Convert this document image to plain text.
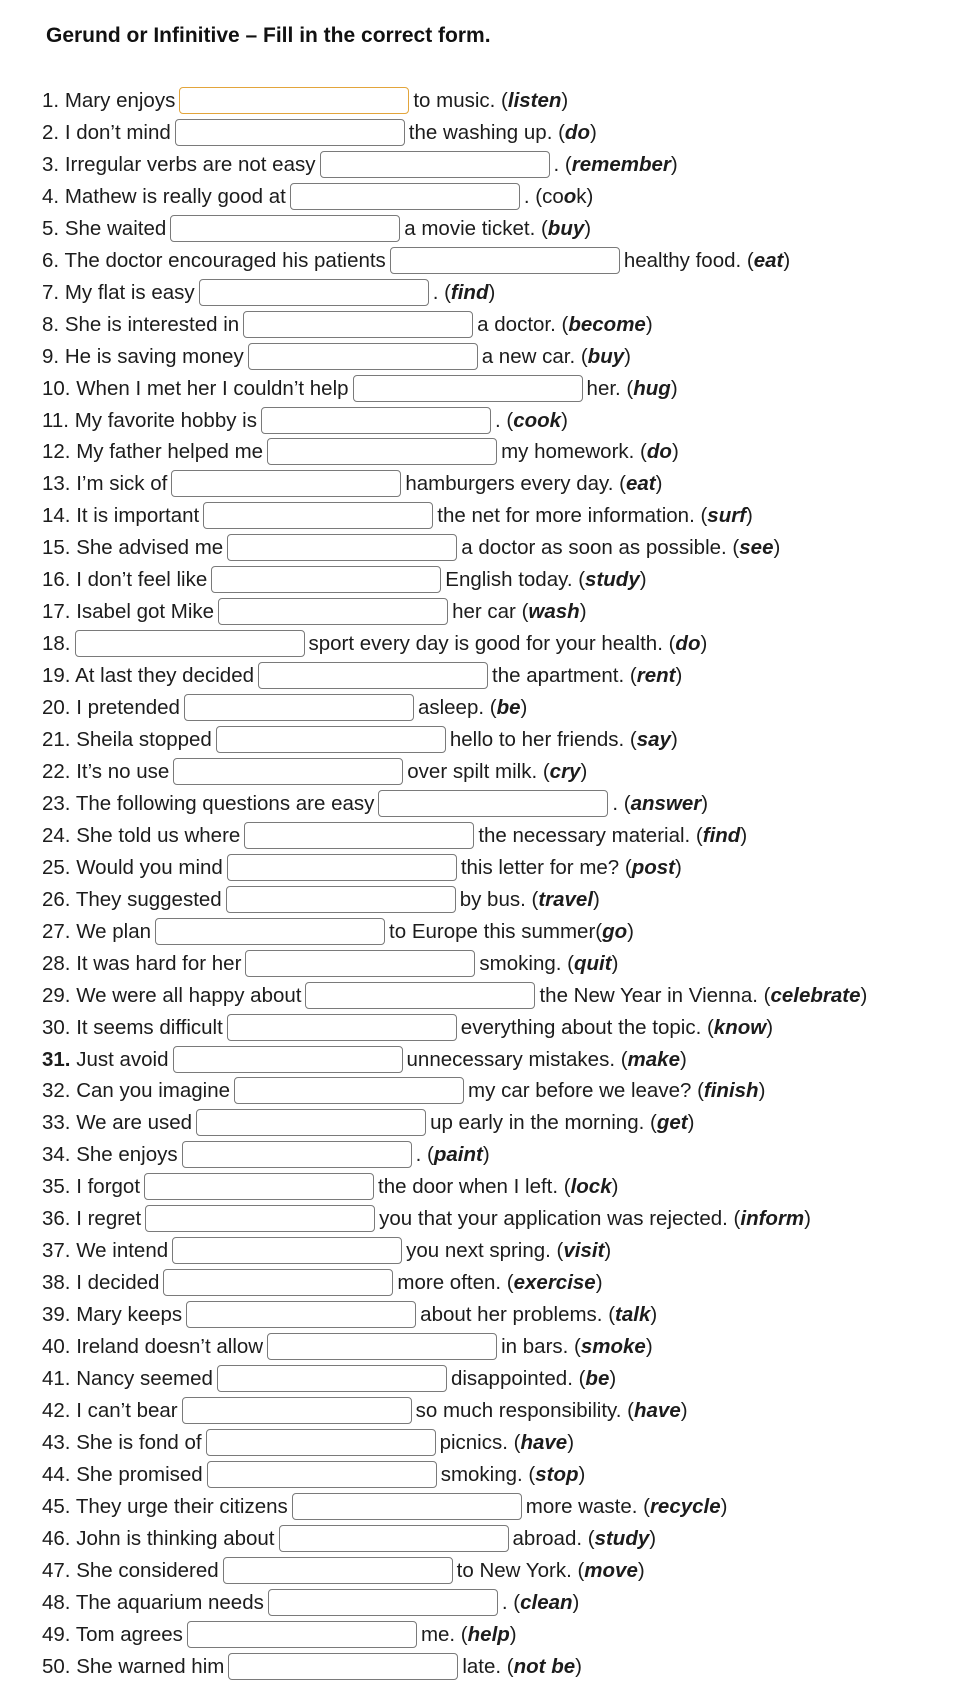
Gerund or Infinitive – Fill in the correct form.
1. Mary enjoys	to music. (listen)
2. I don’t mind	the washing up. (do)
3. Irregular verbs are not easy	. (remember)
4. Mathew is really good at	. (cook)
5. She waited	a movie ticket. (buy)
6. The doctor encouraged his patients	healthy food. (eat)
7. My flat is easy	. (find)
8. She is interested in	a doctor. (become)
9. He is saving money	a new car. (buy)
10. When I met her I couldn’t help	her. (hug)
11. My favorite hobby is	. (cook)
12. My father helped me	my homework. (do)
13. I’m sick of	hamburgers every day. (eat)
14. It is important	the net for more information. (surf)
15. She advised me	a doctor as soon as possible. (see)
16. I don’t feel like	English today. (study)
17. Isabel got Mike	her car (wash)
18.	sport every day is good for your health. (do)
19. At last they decided	the apartment. (rent)
20. I pretended	asleep. (be)
21. Sheila stopped	hello to her friends. (say)
22. It’s no use	over spilt milk. (cry)
23. The following questions are easy	. (answer)
24. She told us where	the necessary material. (find)
25. Would you mind	this letter for me? (post)
26. They suggested	by bus. (travel)
27. We plan	to Europe this summer(go)
28. It was hard for her	smoking. (quit)
29. We were all happy about	the New Year in Vienna. (celebrate)
30. It seems difficult	everything about the topic. (know)
31. Just avoid	unnecessary mistakes. (make)
32. Can you imagine	my car before we leave? (finish)
33. We are used	up early in the morning. (get)
34. She enjoys	. (paint)
35. I forgot	the door when I left. (lock)
36. I regret	you that your application was rejected. (inform)
37. We intend	you next spring. (visit)
38. I decided	more often. (exercise)
39. Mary keeps	about her problems. (talk)
40. Ireland doesn’t allow	in bars. (smoke)
41. Nancy seemed	disappointed. (be)
42. I can’t bear	so much responsibility. (have)
43. She is fond of	picnics. (have)
44. She promised	smoking. (stop)
45. They urge their citizens	more waste. (recycle)
46. John is thinking about	abroad. (study)
47. She considered	to New York. (move)
48. The aquarium needs	. (clean)
49. Tom agrees	me. (help)
50. She warned him	late. (not be)
